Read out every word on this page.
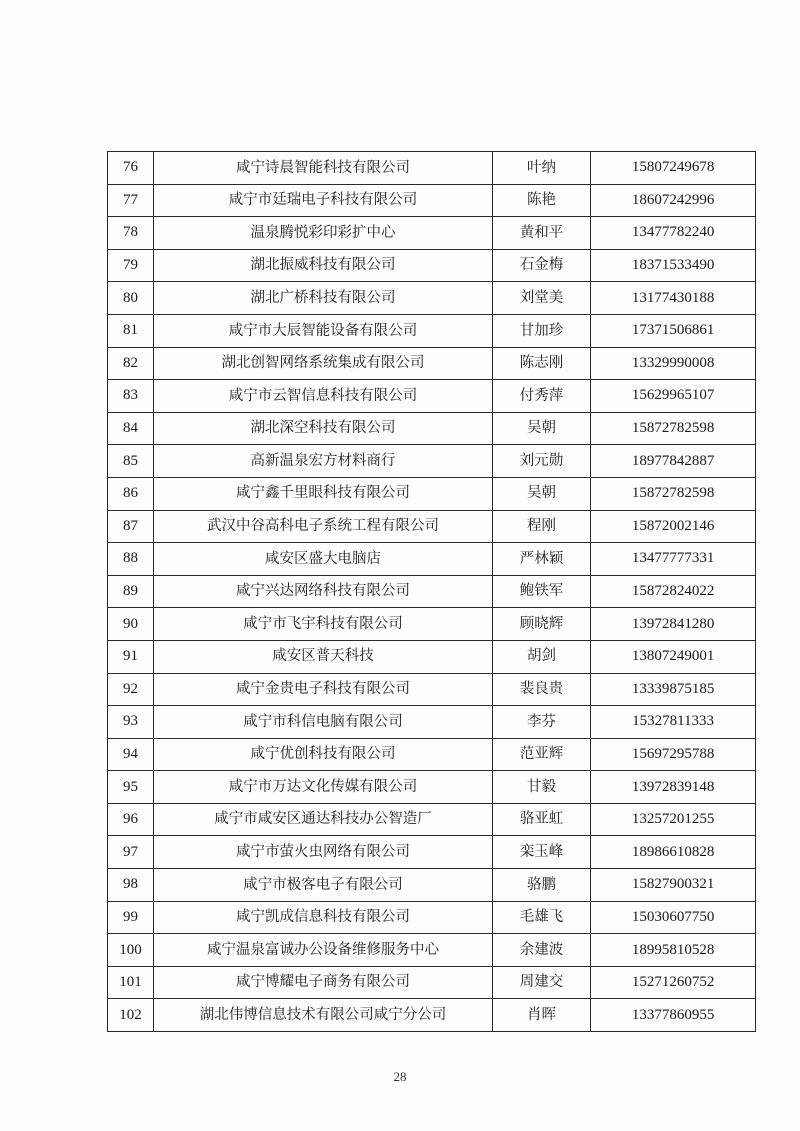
76	咸宁诗晨智能科技有限公司	叶纳	15807249678
77	咸宁市廷瑞电子科技有限公司	陈艳	18607242996
78	温泉腾悦彩印彩扩中心	黄和平	13477782240
79	湖北振威科技有限公司	石金梅	18371533490
80	湖北广桥科技有限公司	刘堂美	13177430188
81	咸宁市大辰智能设备有限公司	甘加珍	17371506861
82	湖北创智网络系统集成有限公司	陈志刚	13329990008
83	咸宁市云智信息科技有限公司	付秀萍	15629965107
84	湖北深空科技有限公司	吴朝	15872782598
85	高新温泉宏方材料商行	刘元勋	18977842887
86	咸宁鑫千里眼科技有限公司	吴朝	15872782598
87	武汉中谷高科电子系统工程有限公司	程刚	15872002146
88	咸安区盛大电脑店	严林颖	13477777331
89	咸宁兴达网络科技有限公司	鲍铁军	15872824022
90	咸宁市飞宇科技有限公司	顾晓辉	13972841280
91	咸安区普天科技	胡剑	13807249001
92	咸宁金贵电子科技有限公司	裴良贵	13339875185
93	咸宁市科信电脑有限公司	李芬	15327811333
94	咸宁优创科技有限公司	范亚辉	15697295788
95	咸宁市万达文化传媒有限公司	甘毅	13972839148
96	咸宁市咸安区通达科技办公智造厂	骆亚虹	13257201255
97	咸宁市萤火虫网络有限公司	栾玉峰	18986610828
98	咸宁市极客电子有限公司	骆鹏	15827900321
99	咸宁凯成信息科技有限公司	毛雄飞	15030607750
100	咸宁温泉富诚办公设备维修服务中心	余建波	18995810528
101	咸宁博耀电子商务有限公司	周建交	15271260752
102	湖北伟博信息技术有限公司咸宁分公司	肖晖	13377860955
28
